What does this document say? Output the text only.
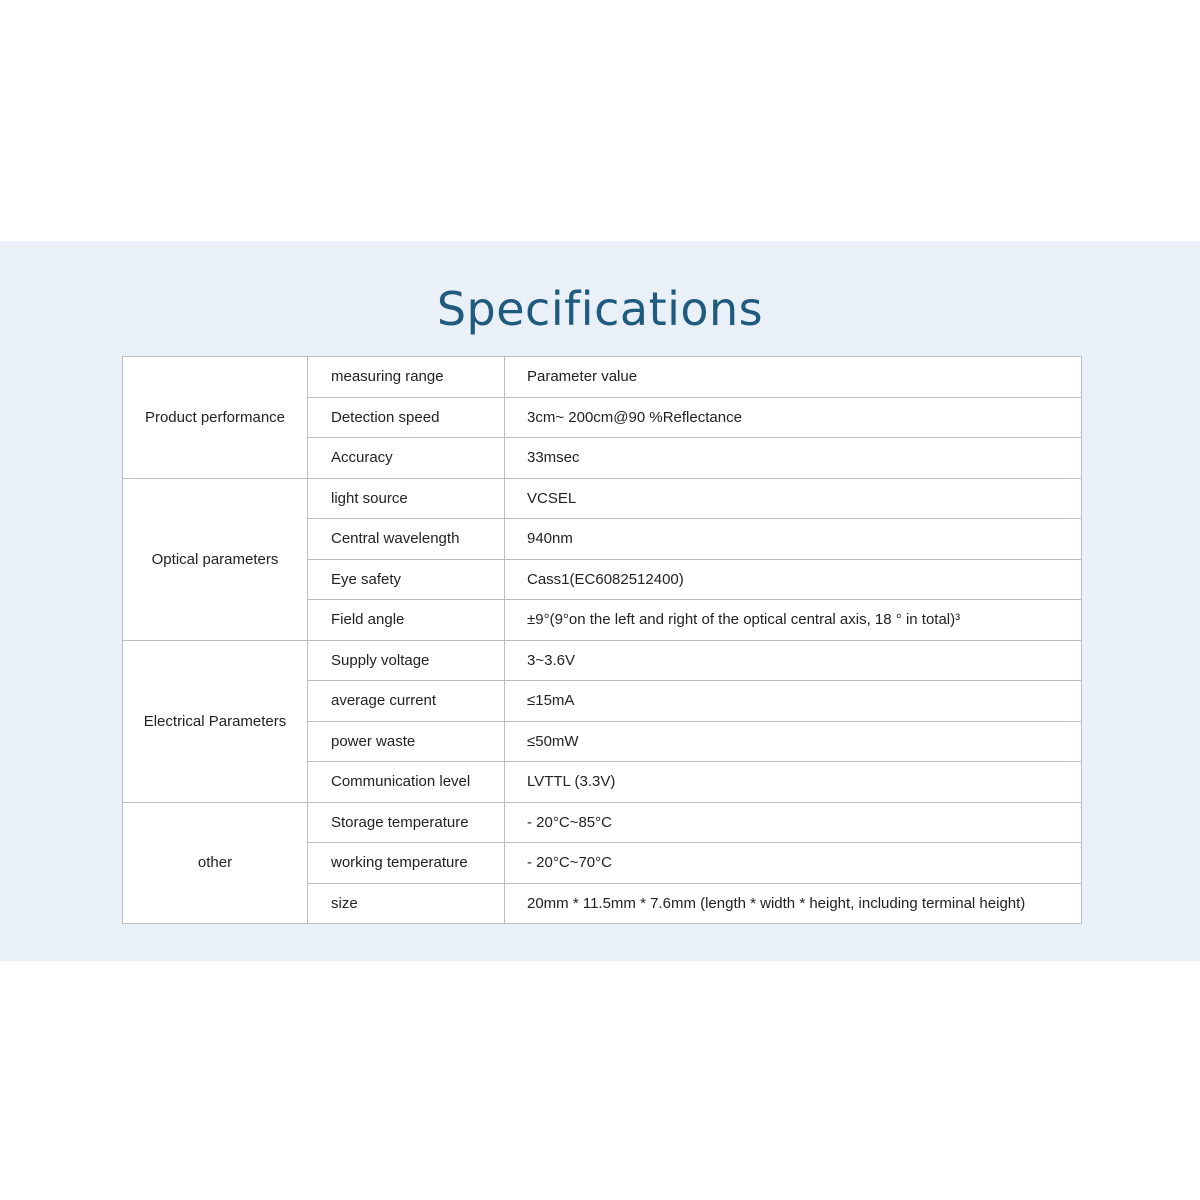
Specifications
Product performance	measuring range	Parameter value
	Detection speed	3cm~ 200cm@90 %Reflectance
	Accuracy	33msec
Optical parameters	light source	VCSEL
	Central wavelength	940nm
	Eye safety	Cass1(EC6082512400)
	Field angle	±9°(9°on the left and right of the optical central axis, 18 ° in total)³
Electrical Parameters	Supply voltage	3~3.6V
	average current	≤15mA
	power waste	≤50mW
	Communication level	LVTTL (3.3V)
other	Storage temperature	- 20°C~85°C
	working temperature	- 20°C~70°C
	size	20mm * 11.5mm * 7.6mm (length * width * height, including terminal height)
